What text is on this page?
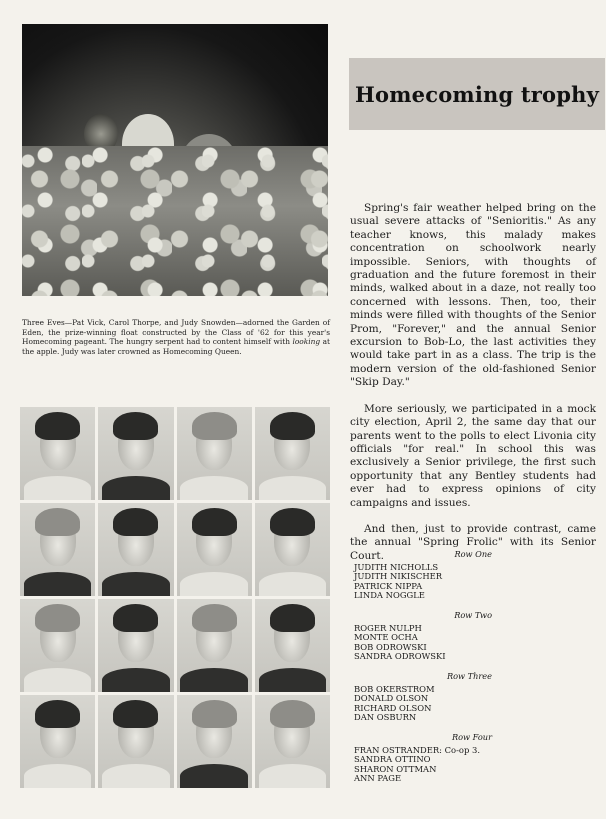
Three Eves—Pat Vick, Carol Thorpe, and Judy Snowden—adorned the Garden of Eden, the prize-winning float constructed by the Class of '62 for this year's Homecoming pageant. The hungry serpent had to content himself with looking at the apple. Judy was later crowned as Homecoming Queen.
Homecoming trophy

Spring's fair weather helped bring on the usual severe attacks of "Senioritis." As any teacher knows, this malady makes concentration on schoolwork nearly impossible. Seniors, with thoughts of graduation and the future foremost in their minds, walked about in a daze, not really too concerned with lessons. Then, too, their minds were filled with thoughts of the Senior Prom, "Forever," and the annual Senior excursion to Bob-Lo, the last activities they would take part in as a class. The trip is the modern version of the old-fashioned Senior "Skip Day."

More seriously, we participated in a mock city election, April 2, the same day that our parents went to the polls to elect Livonia city officials "for real." In school this was exclusively a Senior privilege, the first such opportunity that any Bentley students had ever had to express opinions of city campaigns and issues.

And then, just to provide contrast, came the annual "Spring Frolic" with its Senior Court.	Row One
JUDITH NICHOLLS
JUDITH NIKISCHER
PATRICK NIPPA
LINDA NOGGLE
Row Two
ROGER NULPH
MONTE OCHA
BOB ODROWSKI
SANDRA ODROWSKI
Row Three
BOB OKERSTROM
DONALD OLSON
RICHARD OLSON
DAN OSBURN
Row Four
FRAN OSTRANDER: Co-op 3.
SANDRA OTTINO
SHARON OTTMAN
ANN PAGE
